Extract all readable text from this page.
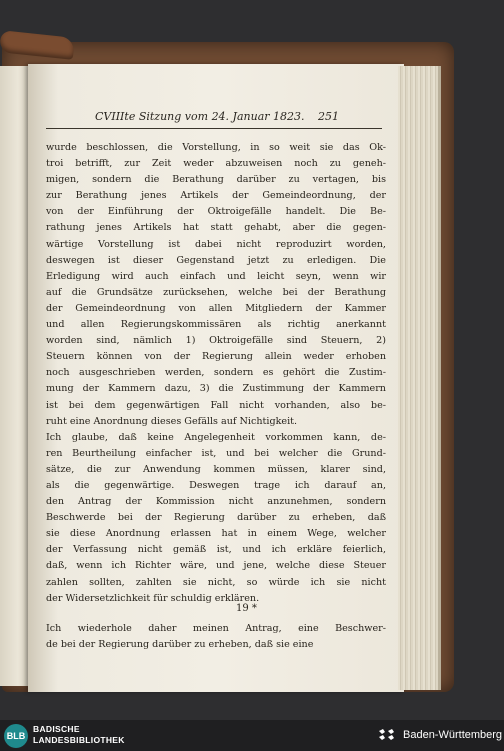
CVIIIte Sitzung vom 24. Januar 1823. 251
wurde beschlossen, die Vorstellung, in so weit sie das Ok-
troi betrifft, zur Zeit weder abzuweisen noch zu geneh-
migen, sondern die Berathung darüber zu vertagen, bis
zur Berathung jenes Artikels der Gemeindeordnung, der
von der Einführung der Oktroigefälle handelt. Die Be-
rathung jenes Artikels hat statt gehabt, aber die gegen-
wärtige Vorstellung ist dabei nicht reproduzirt worden,
deswegen ist dieser Gegenstand jetzt zu erledigen. Die
Erledigung wird auch einfach und leicht seyn, wenn wir
auf die Grundsätze zurücksehen, welche bei der Berathung
der Gemeindeordnung von allen Mitgliedern der Kammer
und allen Regierungskommissären als richtig anerkannt
worden sind, nämlich 1) Oktroigefälle sind Steuern, 2)
Steuern können von der Regierung allein weder erhoben
noch ausgeschrieben werden, sondern es gehört die Zustim-
mung der Kammern dazu, 3) die Zustimmung der Kammern
ist bei dem gegenwärtigen Fall nicht vorhanden, also be-
ruht eine Anordnung dieses Gefälls auf Nichtigkeit.
Ich glaube, daß keine Angelegenheit vorkommen kann, de-
ren Beurtheilung einfacher ist, und bei welcher die Grund-
sätze, die zur Anwendung kommen müssen, klarer sind,
als die gegenwärtige. Deswegen trage ich darauf an,
den Antrag der Kommission nicht anzunehmen, sondern
Beschwerde bei der Regierung darüber zu erheben, daß
sie diese Anordnung erlassen hat in einem Wege, welcher
der Verfassung nicht gemäß ist, und ich erkläre feierlich,
daß, wenn ich Richter wäre, und jene, welche diese Steuer
zahlen sollten, zahlten sie nicht, so würde ich sie nicht
der Widersetzlichkeit für schuldig erklären.
Ich wiederhole daher meinen Antrag, eine Beschwer-
de bei der Regierung darüber zu erheben, daß sie eine
19 *
BLB
BADISCHE
LANDESBIBLIOTHEK	Baden-Württemberg
